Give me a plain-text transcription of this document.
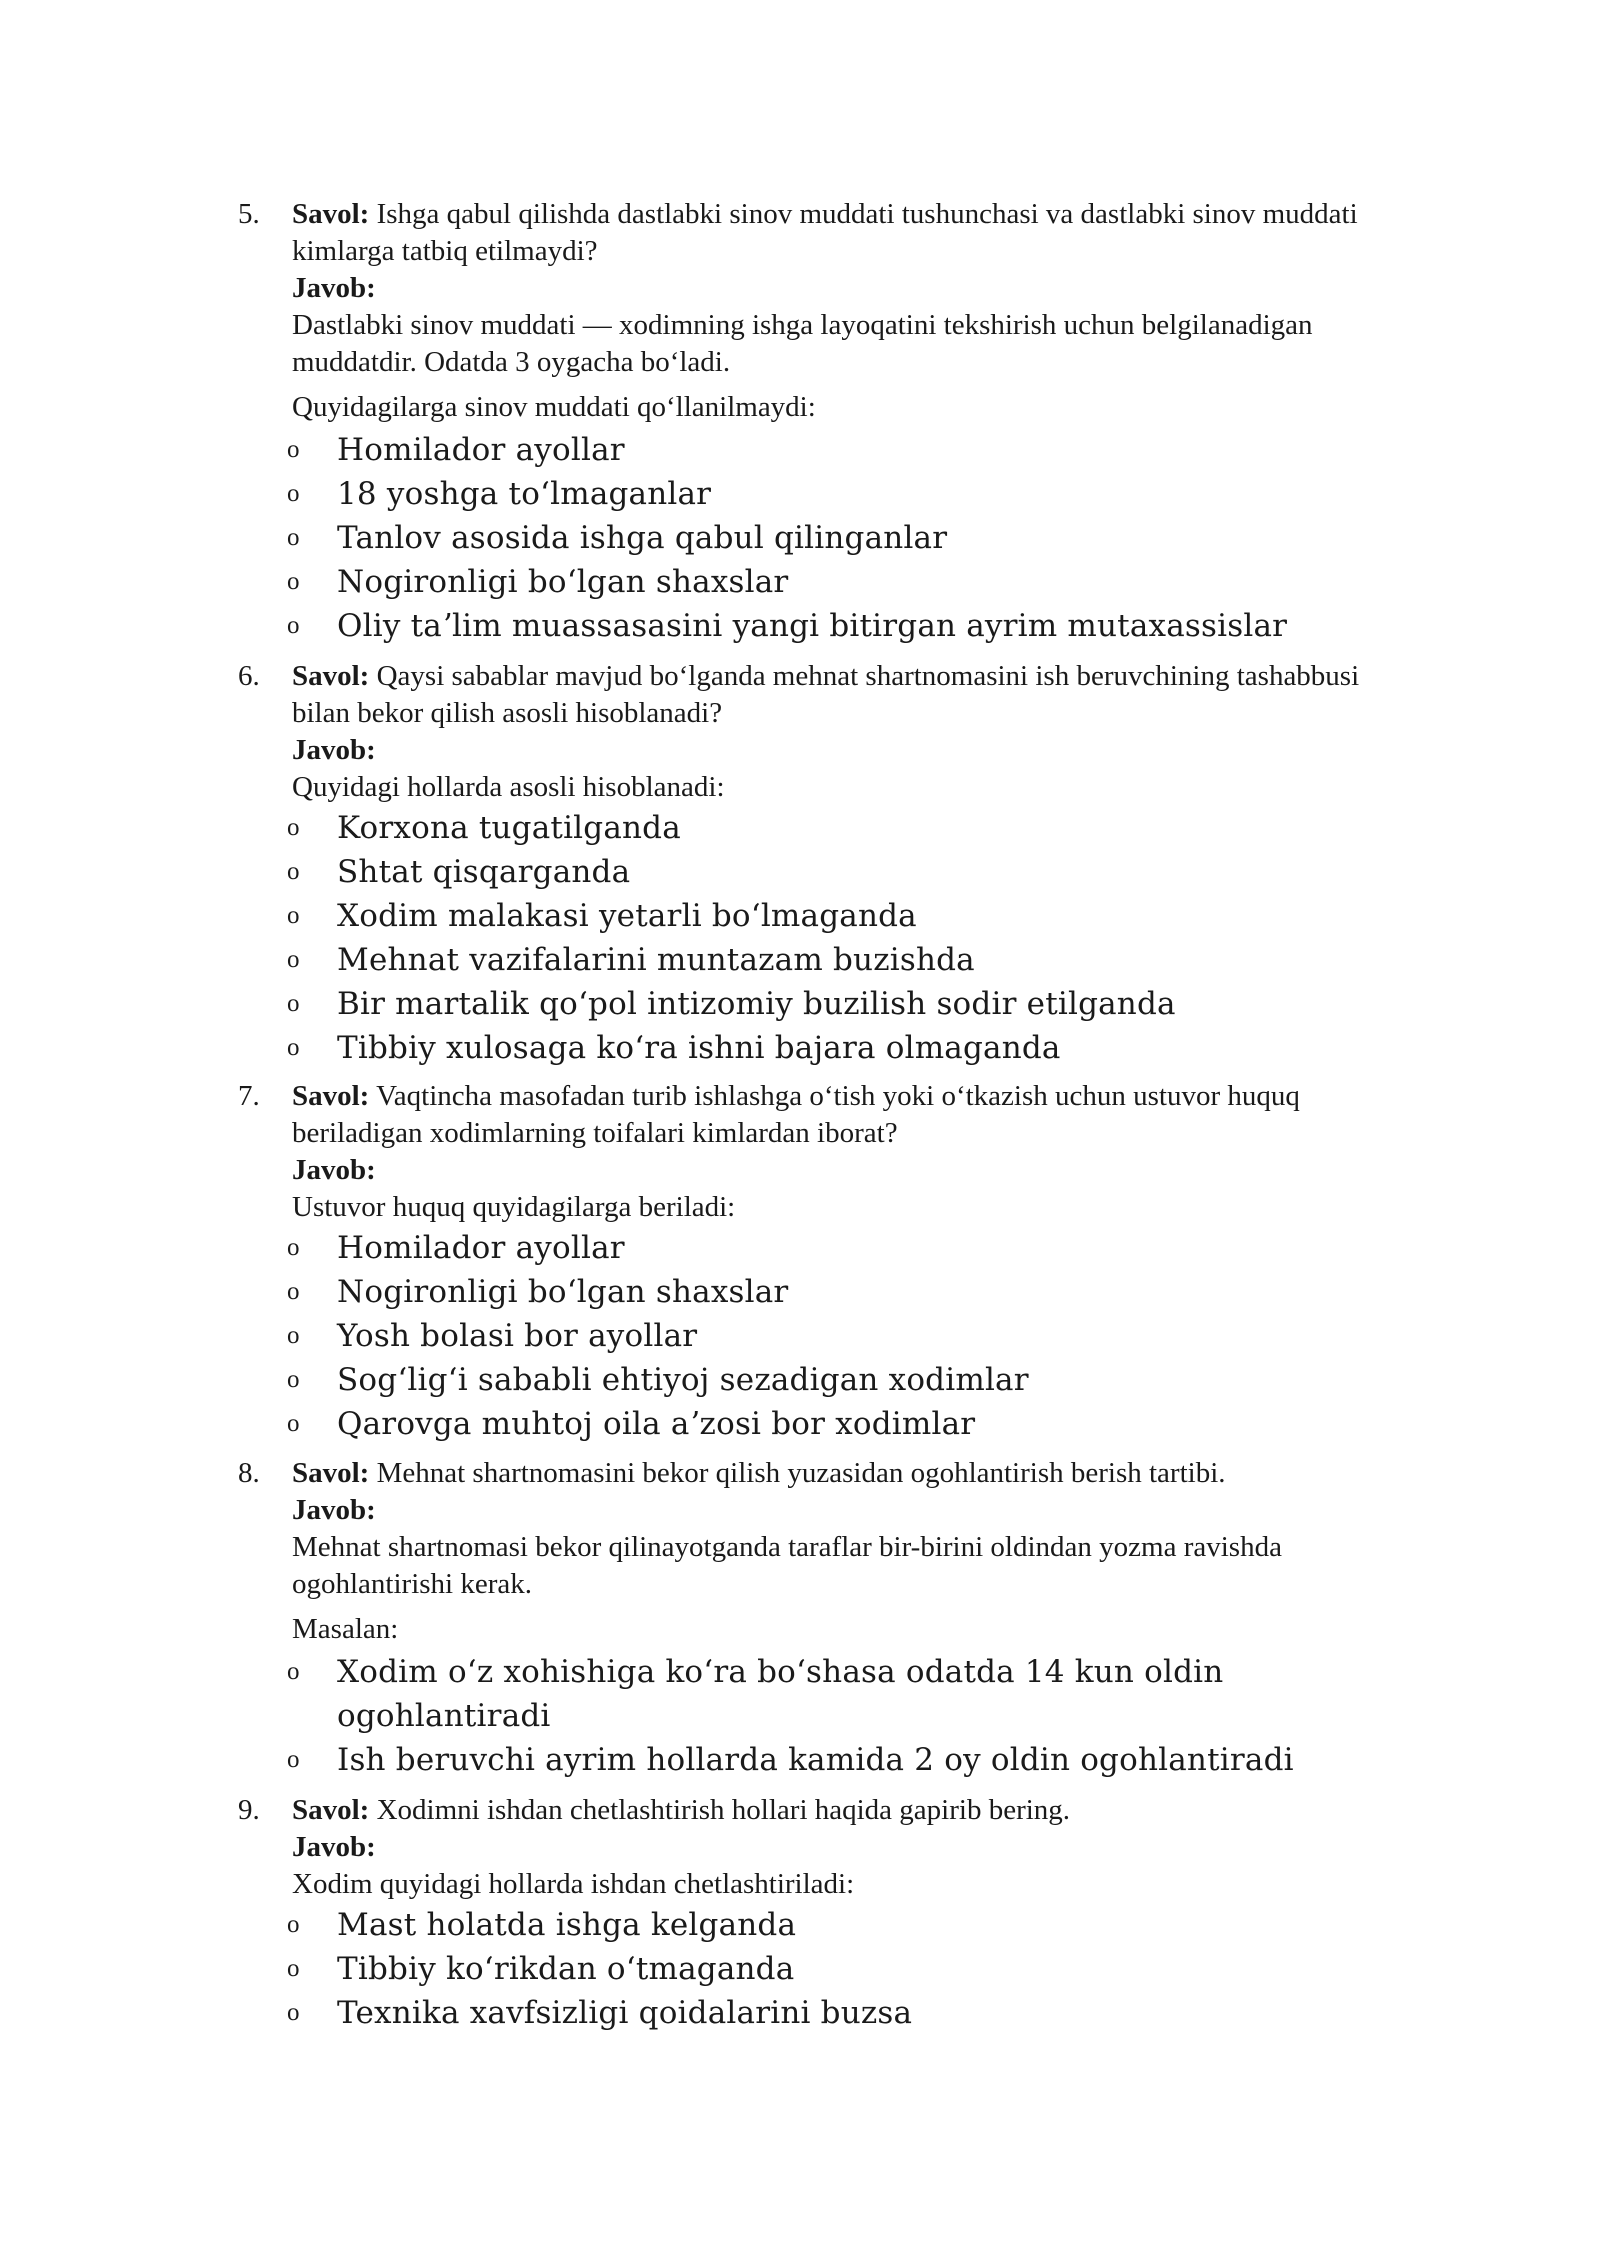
5.	Savol: Ishga qabul qilishda dastlabki sinov muddati tushunchasi va dastlabki sinov muddati kimlarga tatbiq etilmaydi?

Javob:

Dastlabki sinov muddati — xodimning ishga layoqatini tekshirish uchun belgilanadigan muddatdir. Odatda 3 oygacha boʻladi.

Quyidagilarga sinov muddati qoʻllanilmaydi:

o Homilador ayollar
o 18 yoshga toʻlmaganlar
o Tanlov asosida ishga qabul qilinganlar
o Nogironligi boʻlgan shaxslar
o Oliy taʼlim muassasasini yangi bitirgan ayrim mutaxassislar
6.	Savol: Qaysi sabablar mavjud boʻlganda mehnat shartnomasini ish beruvchining tashabbusi bilan bekor qilish asosli hisoblanadi?

Javob:

Quyidagi hollarda asosli hisoblanadi:

o Korxona tugatilganda
o Shtat qisqarganda
o Xodim malakasi yetarli boʻlmaganda
o Mehnat vazifalarini muntazam buzishda
o Bir martalik qoʻpol intizomiy buzilish sodir etilganda
o Tibbiy xulosaga koʻra ishni bajara olmaganda
7.	Savol: Vaqtincha masofadan turib ishlashga oʻtish yoki oʻtkazish uchun ustuvor huquq beriladigan xodimlarning toifalari kimlardan iborat?

Javob:

Ustuvor huquq quyidagilarga beriladi:

o Homilador ayollar
o Nogironligi boʻlgan shaxslar
o Yosh bolasi bor ayollar
o Sogʻligʻi sababli ehtiyoj sezadigan xodimlar
o Qarovga muhtoj oila aʼzosi bor xodimlar
8.	Savol: Mehnat shartnomasini bekor qilish yuzasidan ogohlantirish berish tartibi.

Javob:

Mehnat shartnomasi bekor qilinayotganda taraflar bir-birini oldindan yozma ravishda ogohlantirishi kerak.

Masalan:

o Xodim oʻz xohishiga koʻra boʻshasa odatda 14 kun oldin ogohlantiradi
o Ish beruvchi ayrim hollarda kamida 2 oy oldin ogohlantiradi
9.	Savol: Xodimni ishdan chetlashtirish hollari haqida gapirib bering.

Javob:

Xodim quyidagi hollarda ishdan chetlashtiriladi:

o Mast holatda ishga kelganda
o Tibbiy koʻrikdan oʻtmaganda
o Texnika xavfsizligi qoidalarini buzsa
